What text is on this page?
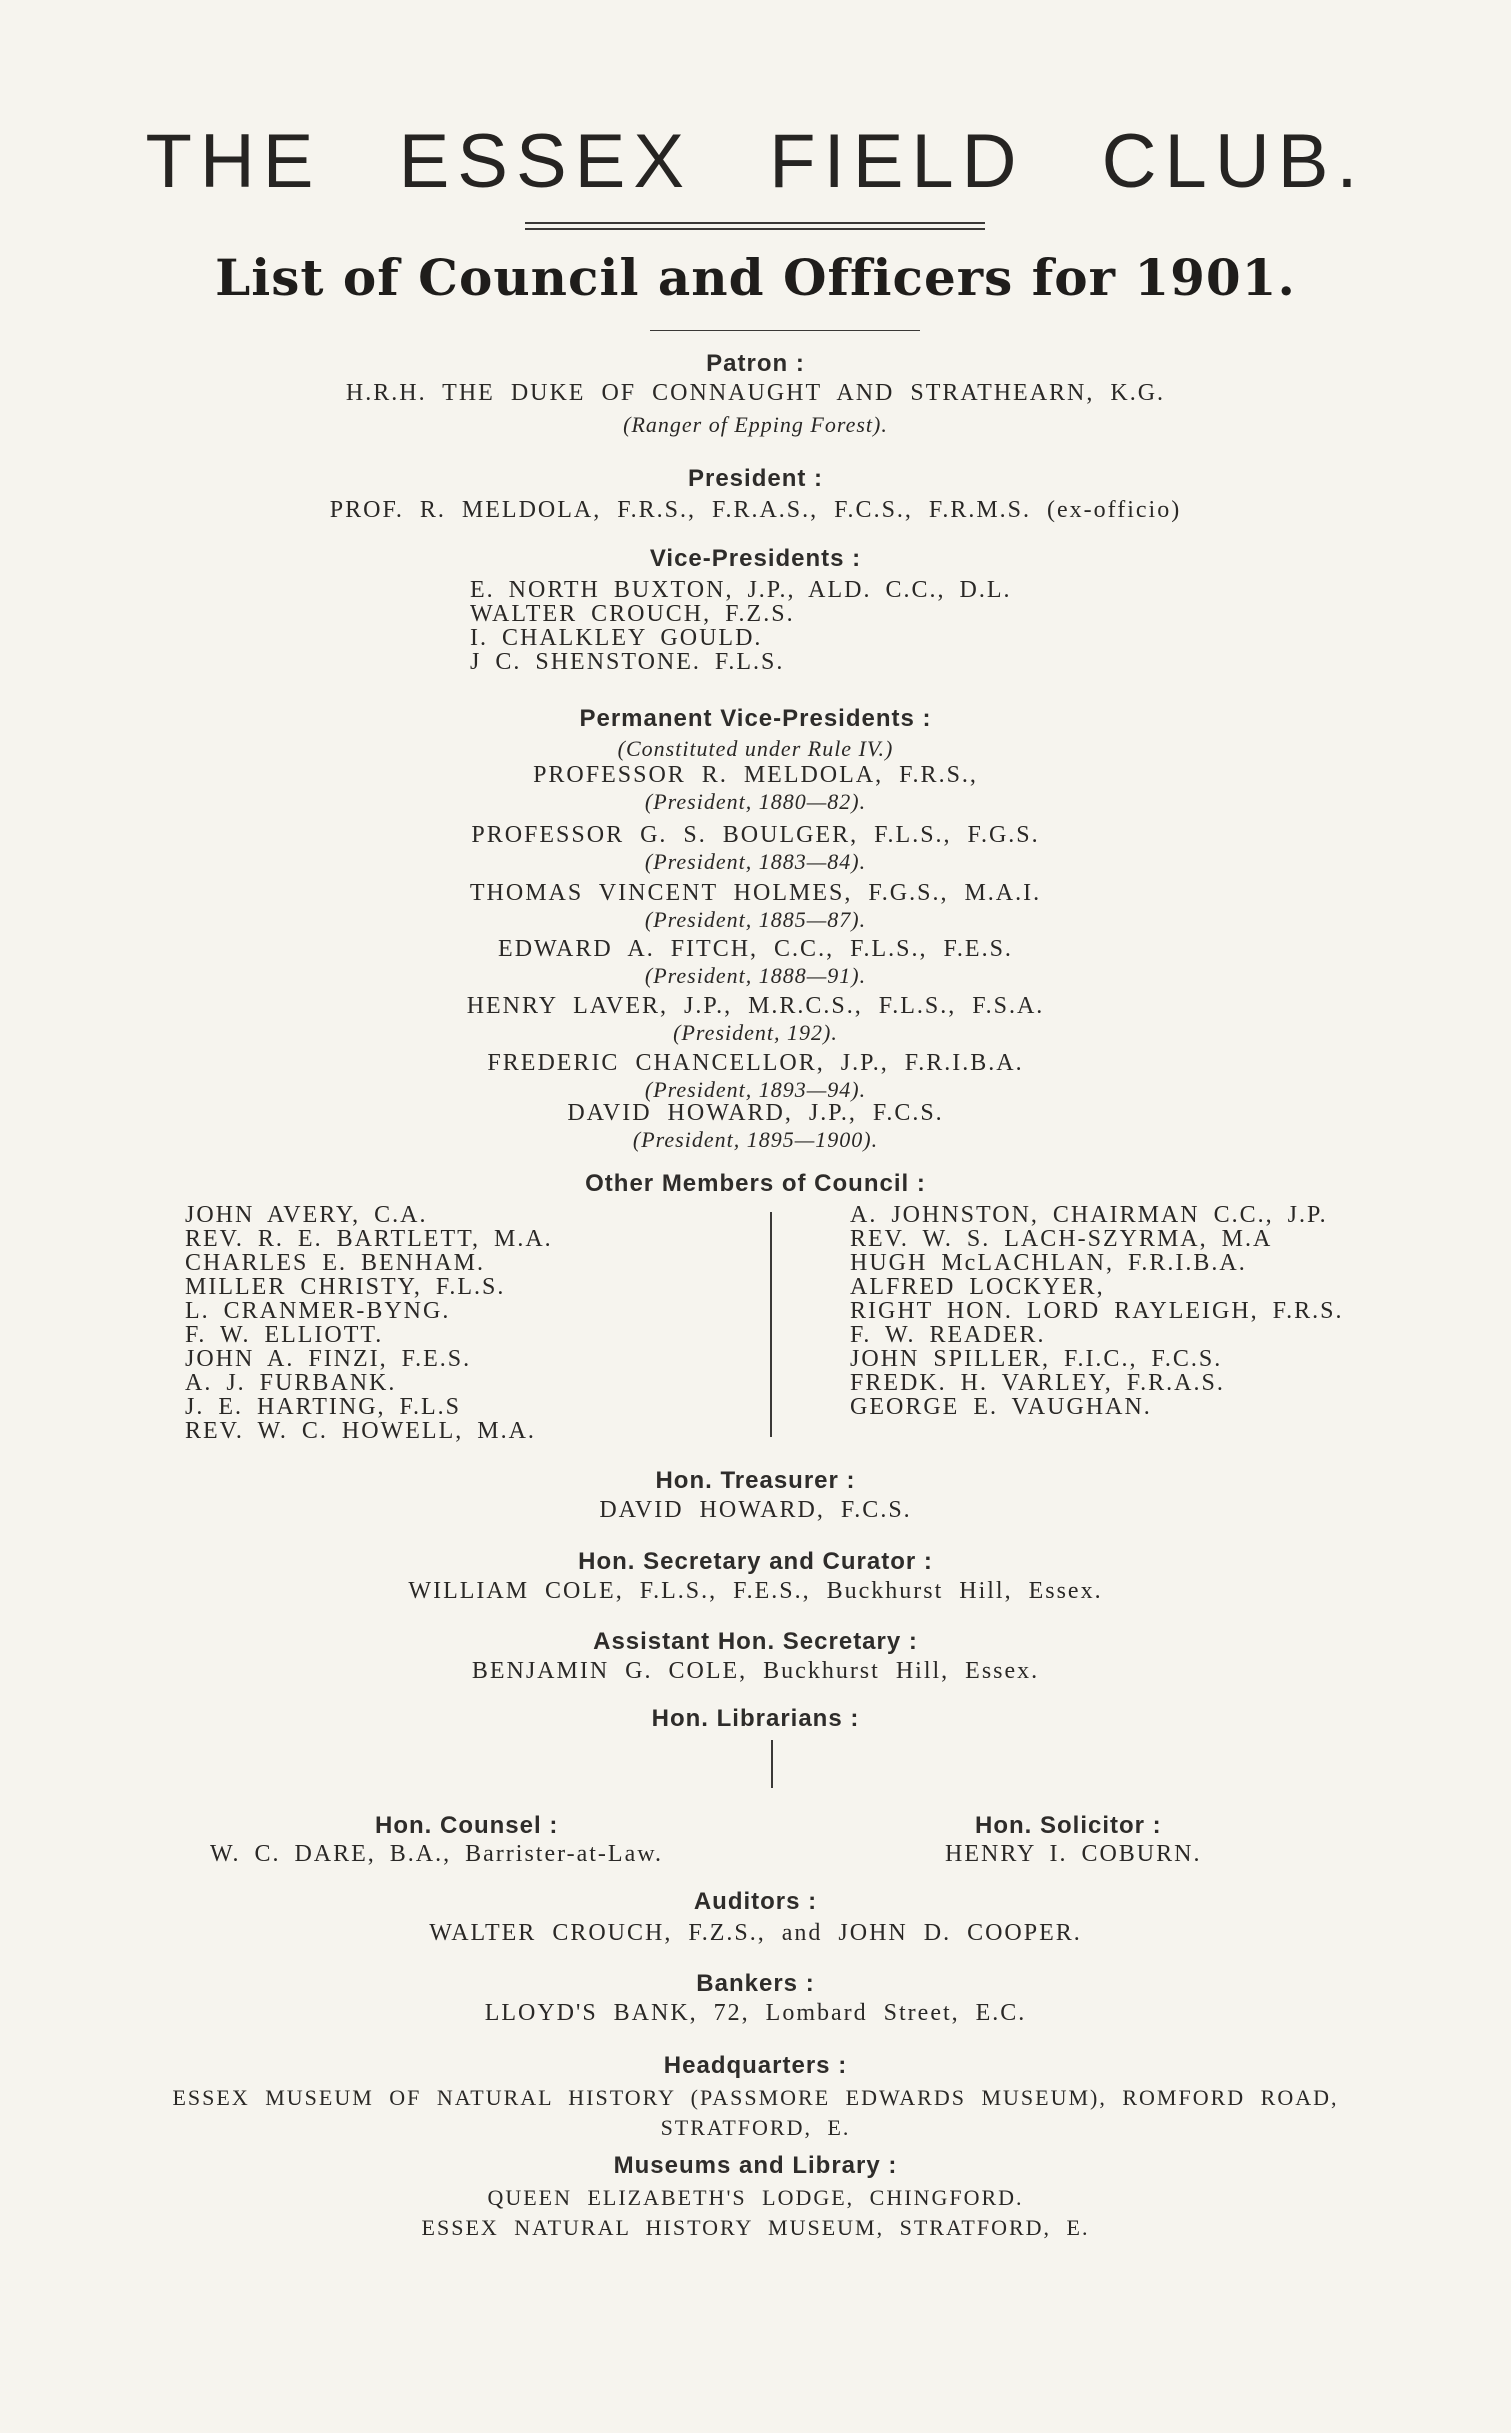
THE ESSEX FIELD CLUB.
List of Council and Officers for 1901.
Patron :
H.R.H. THE DUKE OF CONNAUGHT AND STRATHEARN, K.G.
(Ranger of Epping Forest).
President :
PROF. R. MELDOLA, F.R.S., F.R.A.S., F.C.S., F.R.M.S. (ex-officio)
Vice-Presidents :
E. NORTH BUXTON, J.P., ALD. C.C., D.L.
WALTER CROUCH, F.Z.S.
I. CHALKLEY GOULD.
J C. SHENSTONE. F.L.S.
Permanent Vice-Presidents :
(Constituted under Rule IV.)
PROFESSOR R. MELDOLA, F.R.S.,
(President, 1880—82).
PROFESSOR G. S. BOULGER, F.L.S., F.G.S.
(President, 1883—84).
THOMAS VINCENT HOLMES, F.G.S., M.A.I.
(President, 1885—87).
EDWARD A. FITCH, C.C., F.L.S., F.E.S.
(President, 1888—91).
HENRY LAVER, J.P., M.R.C.S., F.L.S., F.S.A.
(President, 192).
FREDERIC CHANCELLOR, J.P., F.R.I.B.A.
(President, 1893—94).
DAVID HOWARD, J.P., F.C.S.
(President, 1895—1900).
Other Members of Council :
JOHN AVERY, C.A.
REV. R. E. BARTLETT, M.A.
CHARLES E. BENHAM.
MILLER CHRISTY, F.L.S.
L. CRANMER-BYNG.
F. W. ELLIOTT.
JOHN A. FINZI, F.E.S.
A. J. FURBANK.
J. E. HARTING, F.L.S
REV. W. C. HOWELL, M.A.
A. JOHNSTON, CHAIRMAN C.C., J.P.
REV. W. S. LACH-SZYRMA, M.A
HUGH McLACHLAN, F.R.I.B.A.
ALFRED LOCKYER,
RIGHT HON. LORD RAYLEIGH, F.R.S.
F. W. READER.
JOHN SPILLER, F.I.C., F.C.S.
FREDK. H. VARLEY, F.R.A.S.
GEORGE E. VAUGHAN.
Hon. Treasurer :
DAVID HOWARD, F.C.S.
Hon. Secretary and Curator :
WILLIAM COLE, F.L.S., F.E.S., Buckhurst Hill, Essex.
Assistant Hon. Secretary :
BENJAMIN G. COLE, Buckhurst Hill, Essex.
Hon. Librarians :
Hon. Counsel :
W. C. DARE, B.A., Barrister-at-Law.
Hon. Solicitor :
HENRY I. COBURN.
Auditors :
WALTER CROUCH, F.Z.S., and JOHN D. COOPER.
Bankers :
LLOYD'S BANK, 72, Lombard Street, E.C.
Headquarters :
ESSEX MUSEUM OF NATURAL HISTORY (PASSMORE EDWARDS MUSEUM), ROMFORD ROAD,
STRATFORD, E.
Museums and Library :
QUEEN ELIZABETH'S LODGE, CHINGFORD.
ESSEX NATURAL HISTORY MUSEUM, STRATFORD, E.
